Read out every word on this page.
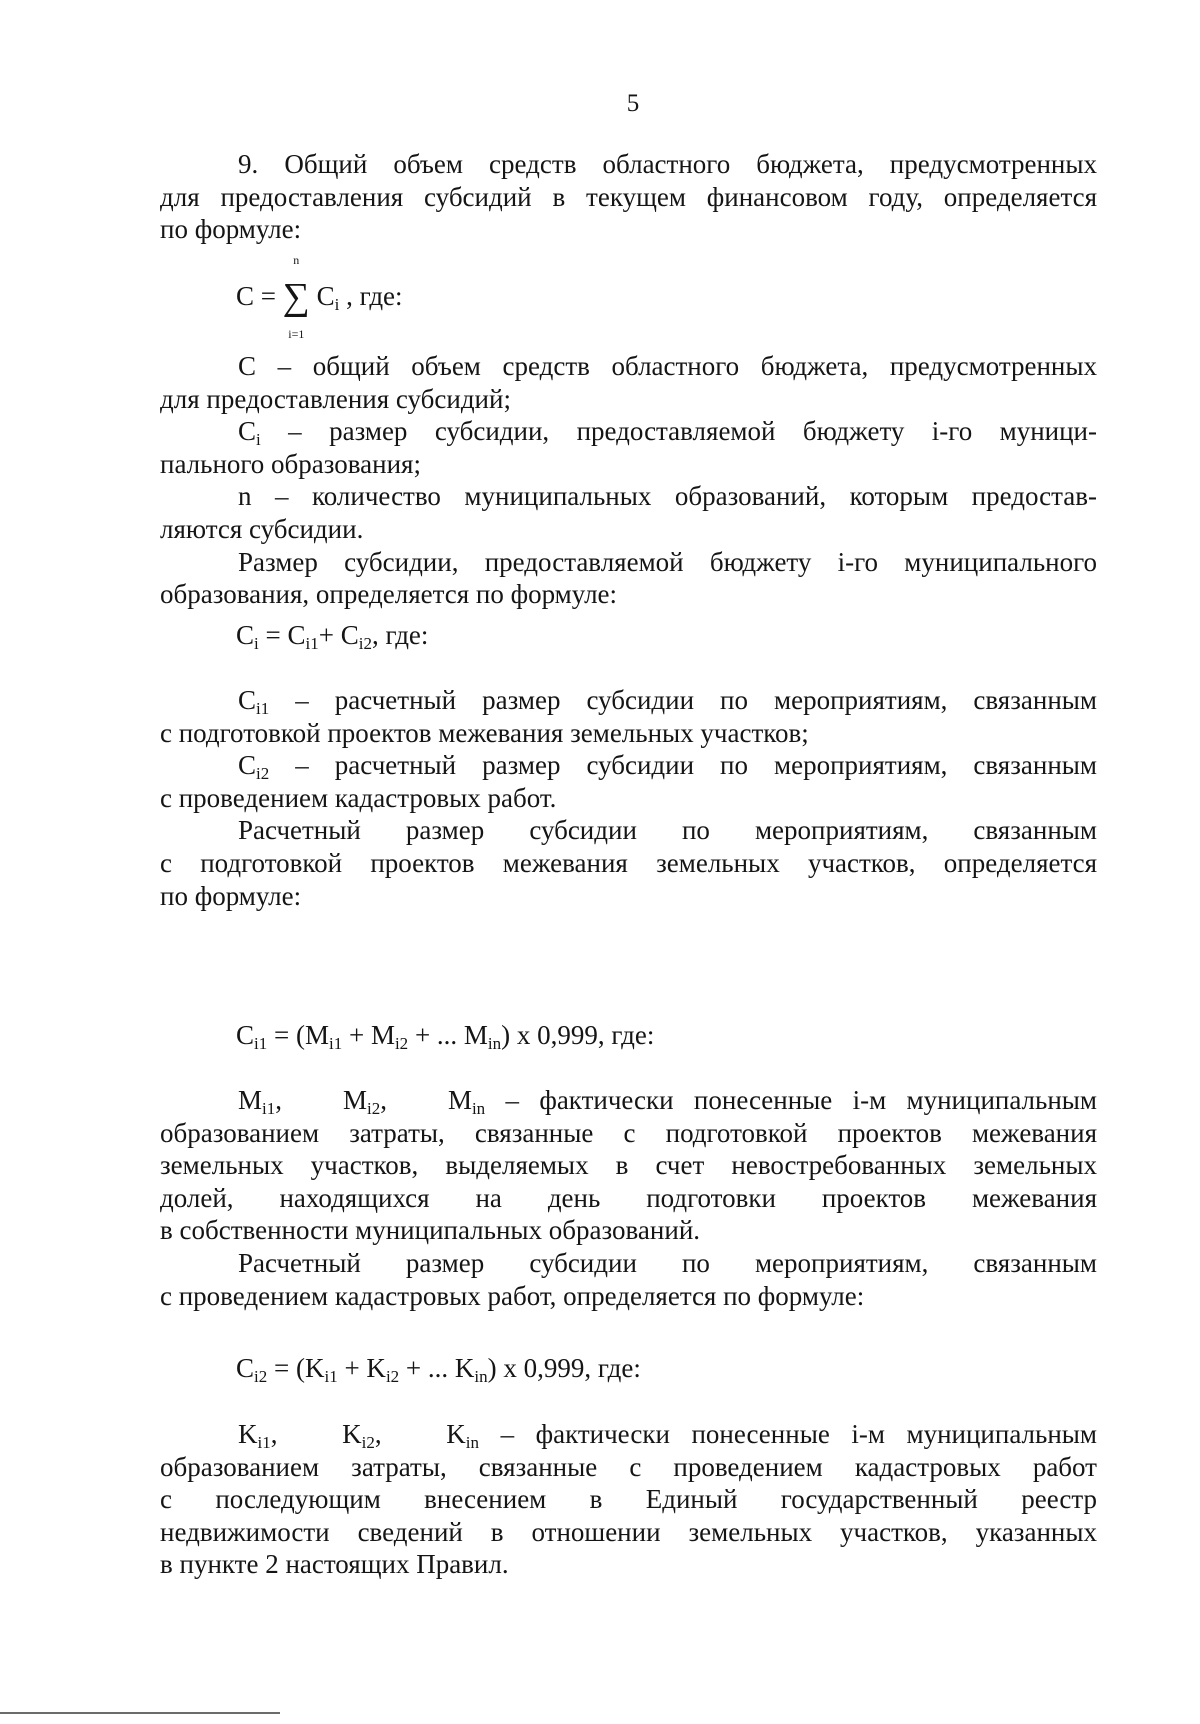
5
9. Общий объем средств областного бюджета, предусмотренных
для предоставления субсидий в текущем финансовом году, определяется
по формуле:
C = ∑
n
i=1
$C_i$ , где:
C – общий объем средств областного бюджета, предусмотренных
для предоставления субсидий;
$C_i$ – размер субсидии, предоставляемой бюджету i-го муници-
пального образования;
n – количество муниципальных образований, которым предостав-
ляются субсидии.
Размер субсидии, предоставляемой бюджету i-го муниципального
образования, определяется по формуле:
$C_i = C_{i1}+ C_{i2}$, где:
$C_{i1}$ – расчетный размер субсидии по мероприятиям, связанным
с подготовкой проектов межевания земельных участков;
$C_{i2}$ – расчетный размер субсидии по мероприятиям, связанным
с проведением кадастровых работ.
Расчетный размер субсидии по мероприятиям, связанным
с подготовкой проектов межевания земельных участков, определяется
по формуле:
$C_{i1} = (M_{i1} + M_{i2}$ + ... $M_{in}$) x 0,999, где:
$M_{i1}$,   $M_{i2}$,   $M_{in}$ – фактически понесенные i-м муниципальным
образованием затраты, связанные с подготовкой проектов межевания
земельных участков, выделяемых в счет невостребованных земельных
долей, находящихся на день подготовки проектов межевания
в собственности муниципальных образований.
Расчетный размер субсидии по мероприятиям, связанным
с проведением кадастровых работ, определяется по формуле:
$C_{i2} = (K_{i1} + K_{i2}$ + ... $K_{in}$) x 0,999, где:
$K_{i1}$,   $K_{i2}$,   $K_{in}$ – фактически понесенные i-м муниципальным
образованием затраты, связанные с проведением кадастровых работ
с последующим внесением в Единый государственный реестр
недвижимости сведений в отношении земельных участков, указанных
в пункте 2 настоящих Правил.
